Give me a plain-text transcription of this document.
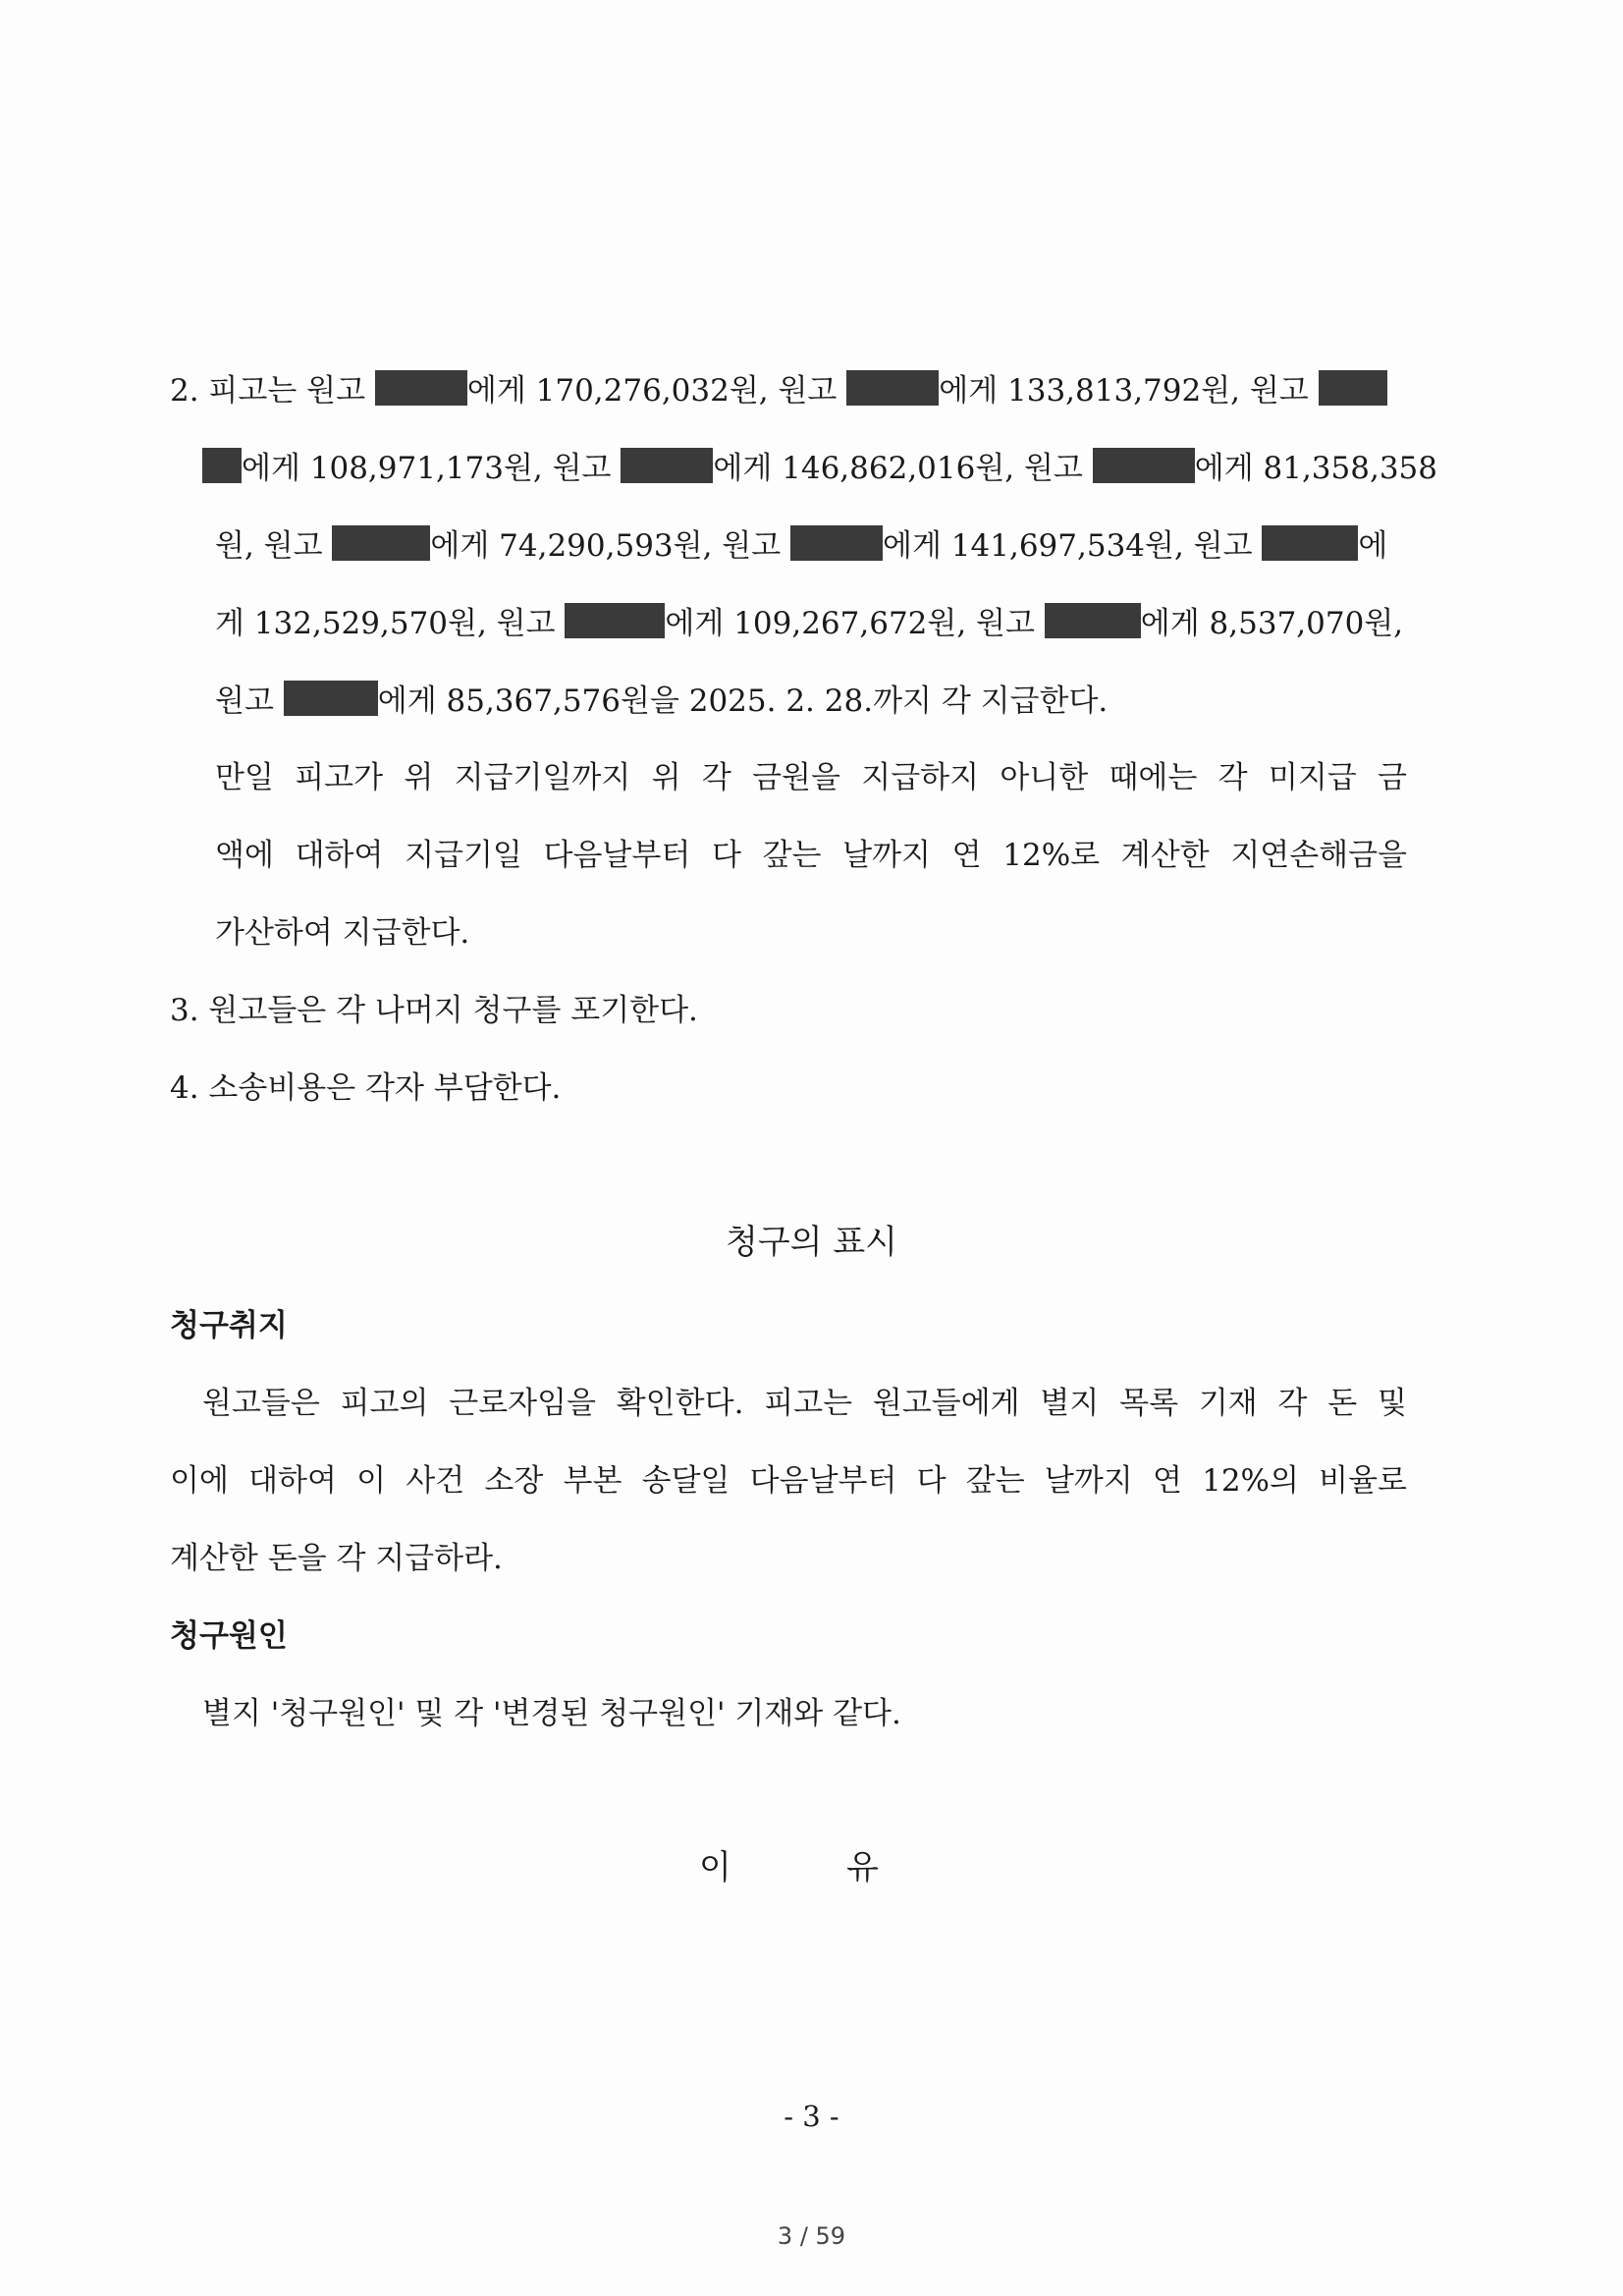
2. 피고는 원고	에게 170,276,032원, 원고	에게 133,813,792원, 원고
에게 108,971,173원, 원고	에게 146,862,016원, 원고	에게 81,358,358
원, 원고	에게 74,290,593원, 원고	에게 141,697,534원, 원고	에
게 132,529,570원, 원고	에게 109,267,672원, 원고	에게 8,537,070원,
원고	에게 85,367,576원을 2025. 2. 28.까지 각 지급한다.
만일 피고가 위 지급기일까지 위 각 금원을 지급하지 아니한 때에는 각 미지급 금
액에 대하여 지급기일 다음날부터 다 갚는 날까지 연 12%로 계산한 지연손해금을
가산하여 지급한다.
3. 원고들은 각 나머지 청구를 포기한다.
4. 소송비용은 각자 부담한다.
청구의 표시
청구취지
원고들은 피고의 근로자임을 확인한다. 피고는 원고들에게 별지 목록 기재 각 돈 및
이에 대하여 이 사건 소장 부본 송달일 다음날부터 다 갚는 날까지 연 12%의 비율로
계산한 돈을 각 지급하라.
청구원인
별지 '청구원인' 및 각 '변경된 청구원인' 기재와 같다.
이	유
- 3 -
3 / 59
